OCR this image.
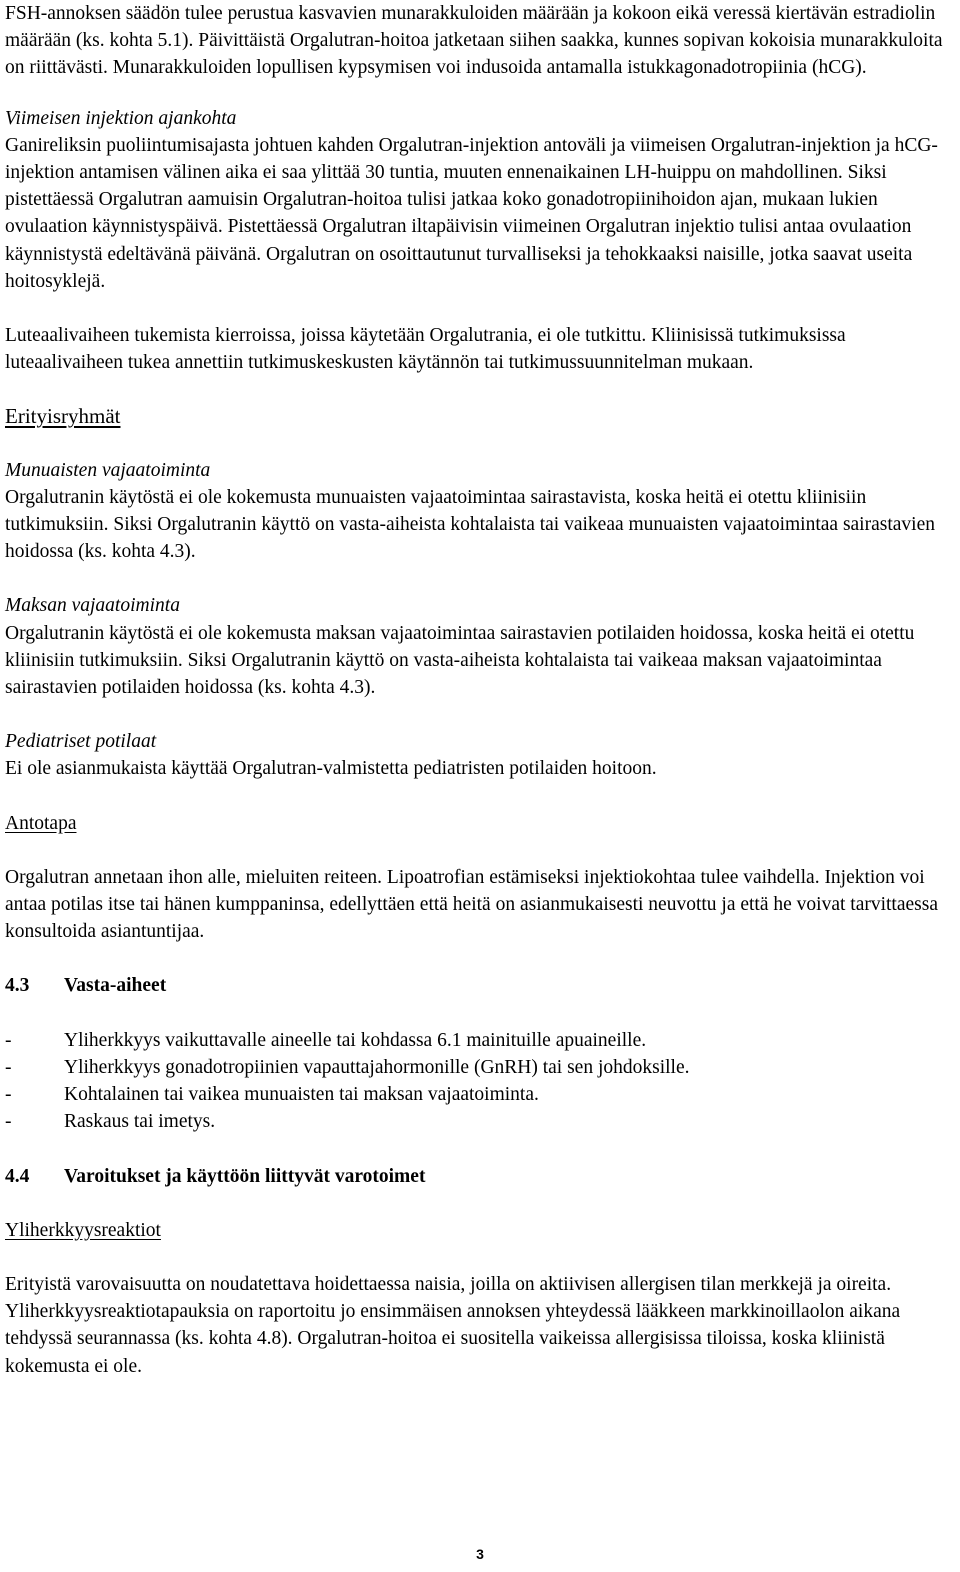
FSH-annoksen säädön tulee perustua kasvavien munarakkuloiden määrään ja kokoon eikä veressä kiertävän estradiolin määrään (ks. kohta 5.1). Päivittäistä Orgalutran-hoitoa jatketaan siihen saakka, kunnes sopivan kokoisia munarakkuloita on riittävästi. Munarakkuloiden lopullisen kypsymisen voi indusoida antamalla istukkagonadotropiinia (hCG).

Viimeisen injektion ajankohta

Ganireliksin puoliintumisajasta johtuen kahden Orgalutran-injektion antoväli ja viimeisen Orgalutran-injektion ja hCG-injektion antamisen välinen aika ei saa ylittää 30 tuntia, muuten ennenaikainen LH-huippu on mahdollinen. Siksi pistettäessä Orgalutran aamuisin Orgalutran-hoitoa tulisi jatkaa koko gonadotropiinihoidon ajan, mukaan lukien ovulaation käynnistyspäivä. Pistettäessä Orgalutran iltapäivisin viimeinen Orgalutran injektio tulisi antaa ovulaation käynnistystä edeltävänä päivänä. Orgalutran on osoittautunut turvalliseksi ja tehokkaaksi naisille, jotka saavat useita hoitosyklejä.

Luteaalivaiheen tukemista kierroissa, joissa käytetään Orgalutrania, ei ole tutkittu. Kliinisissä tutkimuksissa luteaalivaiheen tukea annettiin tutkimuskeskusten käytännön tai tutkimussuunnitelman mukaan.

Erityisryhmät

Munuaisten vajaatoiminta

Orgalutranin käytöstä ei ole kokemusta munuaisten vajaatoimintaa sairastavista, koska heitä ei otettu kliinisiin tutkimuksiin. Siksi Orgalutranin käyttö on vasta-aiheista kohtalaista tai vaikeaa munuaisten vajaatoimintaa sairastavien hoidossa (ks. kohta 4.3).

Maksan vajaatoiminta

Orgalutranin käytöstä ei ole kokemusta maksan vajaatoimintaa sairastavien potilaiden hoidossa, koska heitä ei otettu kliinisiin tutkimuksiin. Siksi Orgalutranin käyttö on vasta-aiheista kohtalaista tai vaikeaa maksan vajaatoimintaa sairastavien potilaiden hoidossa (ks. kohta 4.3).

Pediatriset potilaat

Ei ole asianmukaista käyttää Orgalutran-valmistetta pediatristen potilaiden hoitoon.

Antotapa

Orgalutran annetaan ihon alle, mieluiten reiteen. Lipoatrofian estämiseksi injektiokohtaa tulee vaihdella. Injektion voi antaa potilas itse tai hänen kumppaninsa, edellyttäen että heitä on asianmukaisesti neuvottu ja että he voivat tarvittaessa konsultoida asiantuntijaa.

4.3 Vasta-aiheet

-	Yliherkkyys vaikuttavalle aineelle tai kohdassa 6.1 mainituille apuaineille.
-	Yliherkkyys gonadotropiinien vapauttajahormonille (GnRH) tai sen johdoksille.
-	Kohtalainen tai vaikea munuaisten tai maksan vajaatoiminta.
-	Raskaus tai imetys.

4.4 Varoitukset ja käyttöön liittyvät varotoimet

Yliherkkyysreaktiot

Erityistä varovaisuutta on noudatettava hoidettaessa naisia, joilla on aktiivisen allergisen tilan merkkejä ja oireita. Yliherkkyysreaktiotapauksia on raportoitu jo ensimmäisen annoksen yhteydessä lääkkeen markkinoillaolon aikana tehdyssä seurannassa (ks. kohta 4.8). Orgalutran-hoitoa ei suositella vaikeissa allergisissa tiloissa, koska kliinistä kokemusta ei ole.

3
